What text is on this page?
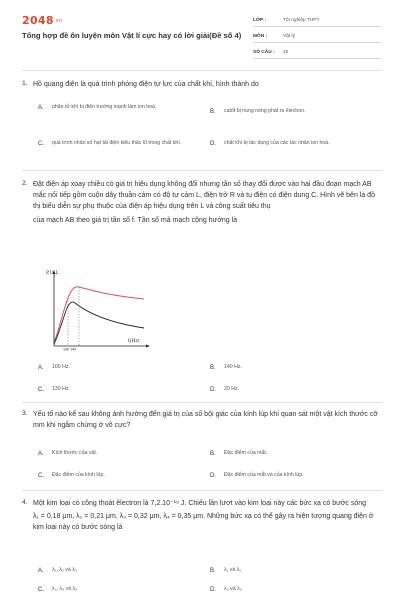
2048.vn
Tổng hợp đề ôn luyện môn Vật lí cực hay có lời giải(Đề số 4)
LỚP :	Tốt nghiệp THPT
MÔN :	Vật lý
SỐ CÂU :	40
1. Hồ quang điện là quá trình phóng điện tự lực của chất khí, hình thành do

A.	phân tử khí bị điện trường mạnh làm ion hoá.
B.	catốt bị nung nóng phát ra êlectron.
C.	quá trình nhân số hạt tải điện kiểu thác lũ trong chất khí.	D.	chất khí bị tác dụng của các tác nhân ion hoá.
2. Đặt điện áp xoay chiều có giá trị hiệu dụng không đổi nhưng tần số thay đổi được vào hai đầu đoạn mạch AB mắc nối tiếp gồm cuộn dây thuần cảm có độ tự cảm L, điện trở R và tụ điện có điện dung C. Hình vẽ bên là đồ thị biểu diễn sự phụ thuộc của điện áp hiệu dụng trên L và công suất tiêu thụ

của mạch AB theo giá trị tần số f. Tần số mà mạch cộng hưởng là

P,U_L
f(Hz)
100 140
A.	100 Hz.	B.	140 Hz.
C.	130 Hz.	D.	20 Hz.
3. Yếu tố nào kể sau không ảnh hưởng đến giá trị của số bội giác của kính lúp khi quan sát một vật kích thước cỡ mm khi ngắm chừng ở vô cực?

A.	Kích thước của vật.	B.	Đặc điểm của mắt.
C.	Đặc điểm của kính lúp.	D.	Đặc điểm của mắt và của kính lúp.
4. Một kim loại có công thoát êlectron là 7,2.10⁻¹⁹ J. Chiếu lần lượt vào kim loại này các bức xạ có bước sóng

λ₁ = 0,18 μm, λ₂ = 0,21 μm, λ₃ = 0,32 μm, λ₄ = 0,35 μm. Những bức xạ có thể gây ra hiện tượng quang điện ở kim loại này có bước sóng là

A.	λ₁, λ₂ và λ₃	B.	λ₁ và λ₂
C.	λ₂, λ₃ và λ₄	D.	λ₃ và λ₄
